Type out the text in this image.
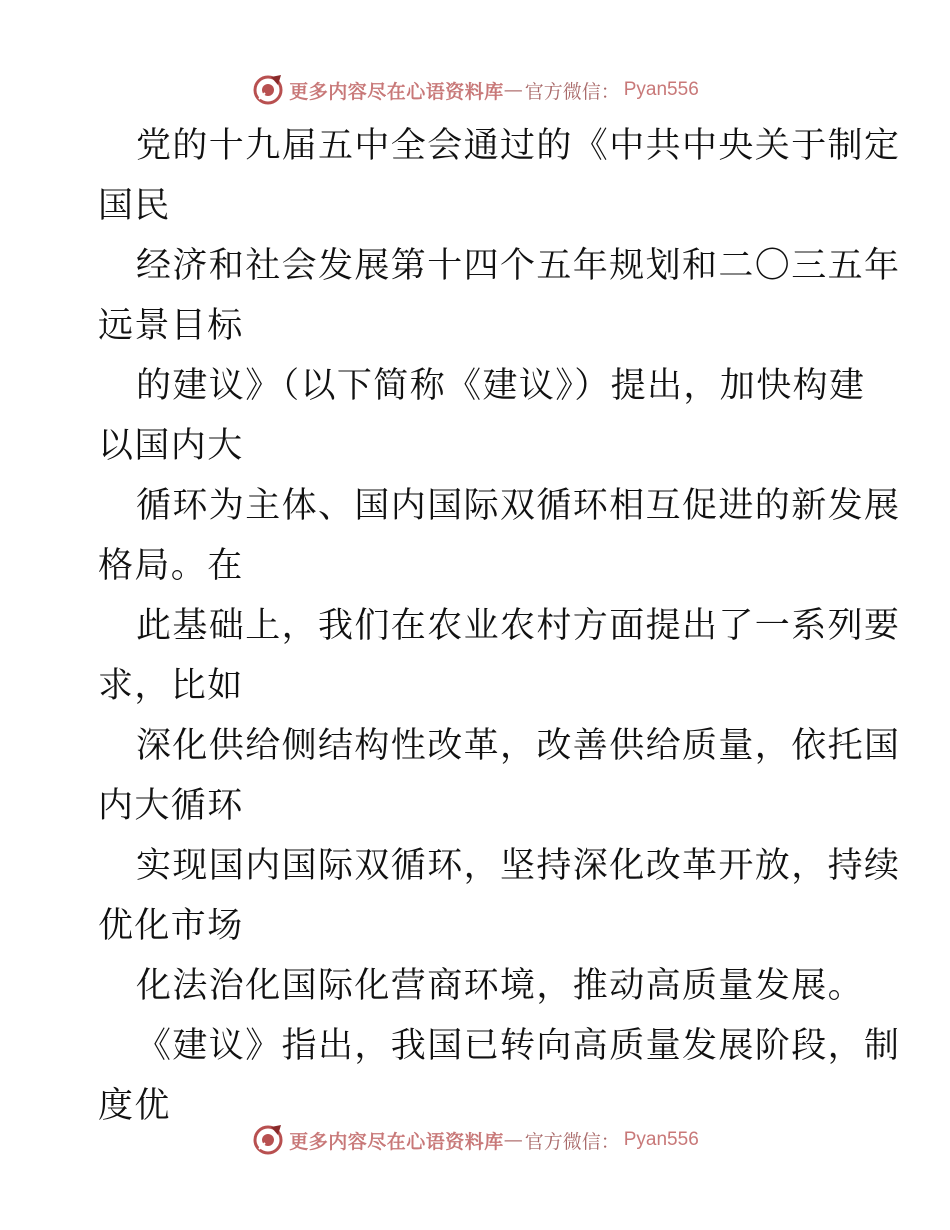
更多内容尽在心语资料库 — 官方微信： Pyan556

党的十九届五中全会通过的《中共中央关于制定
国民

经济和社会发展第十四个五年规划和二〇三五年
远景目标

的建议》（以下简称《建议》）提出，加快构建
以国内大

循环为主体、国内国际双循环相互促进的新发展
格局。在

此基础上，我们在农业农村方面提出了一系列要
求，比如

深化供给侧结构性改革，改善供给质量，依托国
内大循环

实现国内国际双循环，坚持深化改革开放，持续
优化市场

化法治化国际化营商环境，推动高质量发展。

《建议》指出，我国已转向高质量发展阶段，制
度优

更多内容尽在心语资料库 — 官方微信： Pyan556
